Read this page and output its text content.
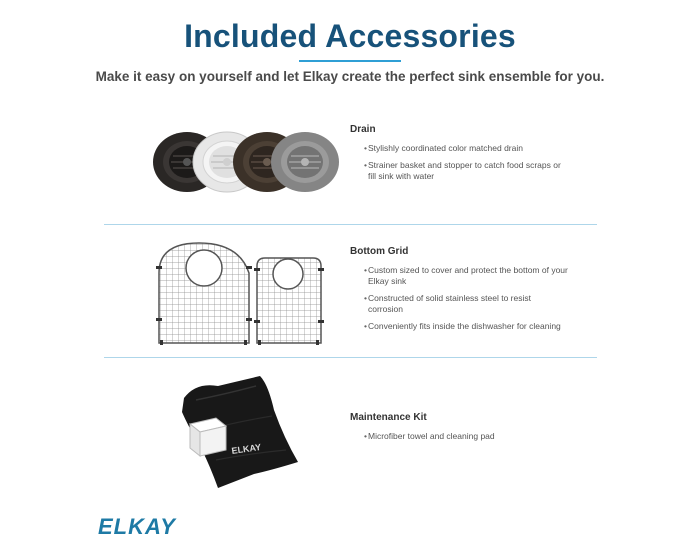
Included Accessories
Make it easy on yourself and let Elkay create the perfect sink ensemble for you.
Drain
• Stylishly coordinated color matched drain
• Strainer basket and stopper to catch food scraps or fill sink with water
Bottom Grid
• Custom sized to cover and protect the bottom of your Elkay sink
• Constructed of solid stainless steel to resist corrosion
• Conveniently fits inside the dishwasher for cleaning
ELKAY
Maintenance Kit
• Microfiber towel and cleaning pad
ELKAY
